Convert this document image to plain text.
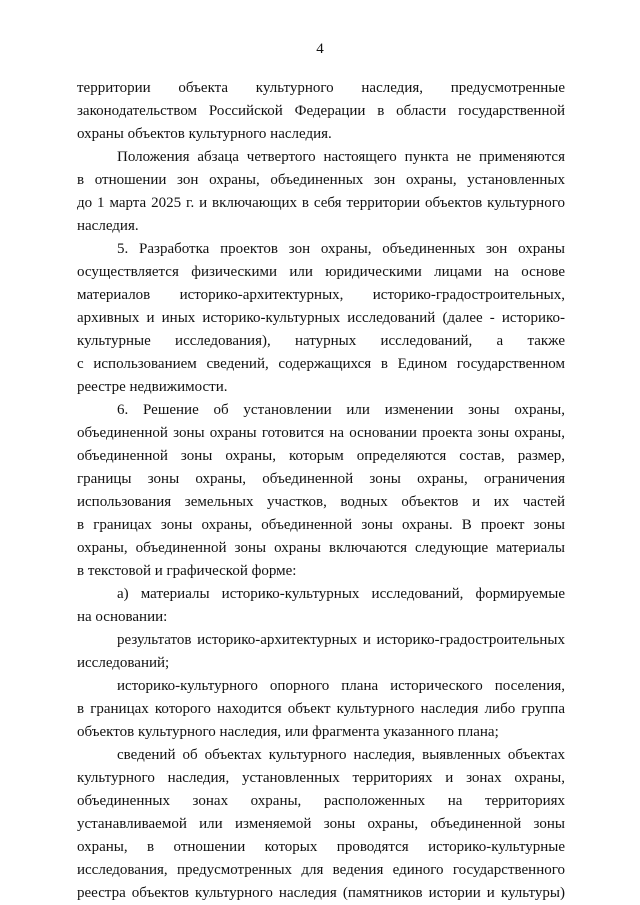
4

территории объекта культурного наследия, предусмотренные
законодательством Российской Федерации в области государственной
охраны объектов культурного наследия.

Положения абзаца четвертого настоящего пункта не применяются
в отношении зон охраны, объединенных зон охраны, установленных
до 1 марта 2025 г. и включающих в себя территории объектов культурного
наследия.

5. Разработка проектов зон охраны, объединенных зон охраны
осуществляется физическими или юридическими лицами на основе
материалов историко-архитектурных, историко-градостроительных,
архивных и иных историко-культурных исследований (далее - историко-
культурные исследования), натурных исследований, а также
с использованием сведений, содержащихся в Едином государственном
реестре недвижимости.

6. Решение об установлении или изменении зоны охраны,
объединенной зоны охраны готовится на основании проекта зоны охраны,
объединенной зоны охраны, которым определяются состав, размер,
границы зоны охраны, объединенной зоны охраны, ограничения
использования земельных участков, водных объектов и их частей
в границах зоны охраны, объединенной зоны охраны. В проект зоны
охраны, объединенной зоны охраны включаются следующие материалы
в текстовой и графической форме:

а) материалы историко-культурных исследований, формируемые
на основании:

результатов историко-архитектурных и историко-градостроительных
исследований;

историко-культурного опорного плана исторического поселения,
в границах которого находится объект культурного наследия либо группа
объектов культурного наследия, или фрагмента указанного плана;

сведений об объектах культурного наследия, выявленных объектах
культурного наследия, установленных территориях и зонах охраны,
объединенных зонах охраны, расположенных на территориях
устанавливаемой или изменяемой зоны охраны, объединенной зоны
охраны, в отношении которых проводятся историко-культурные
исследования, предусмотренных для ведения единого государственного
реестра объектов культурного наследия (памятников истории и культуры)
